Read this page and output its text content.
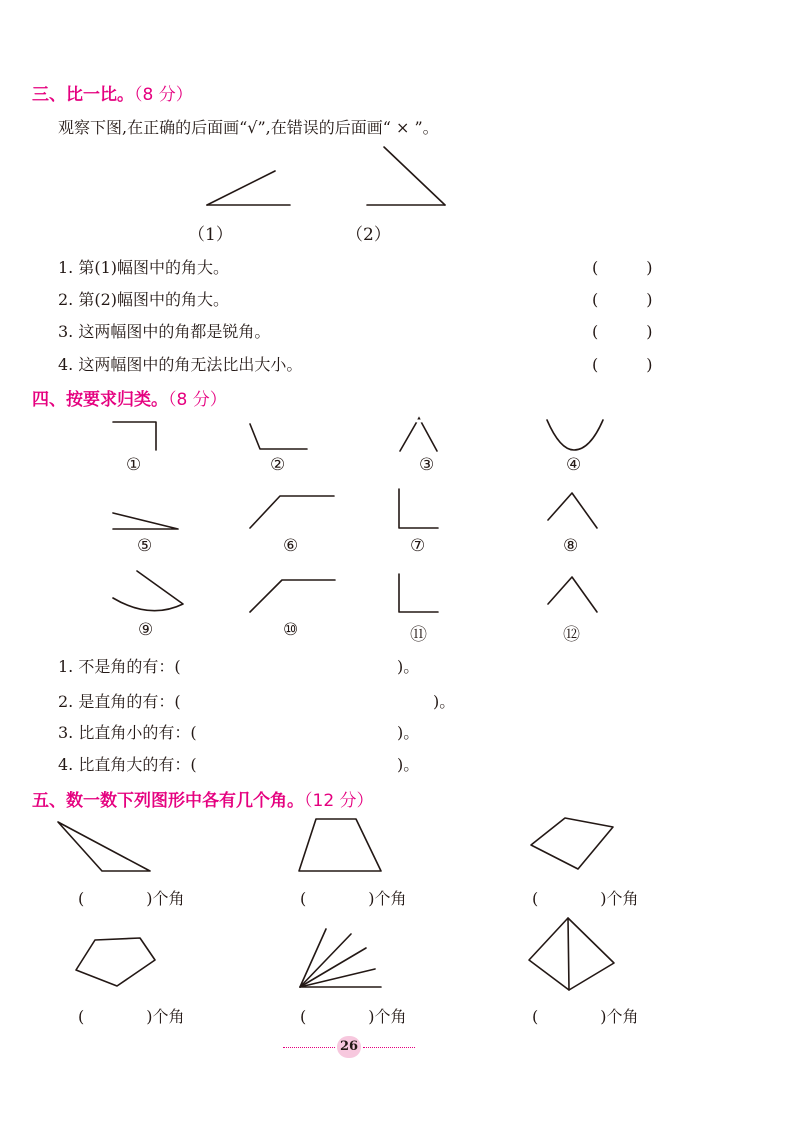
三、比一比。（8 分）
观察下图,在正确的后面画“√”,在错误的后面画“ × ”。
（1）	（2）
1. 第(1)幅图中的角大。	(　　　)
2. 第(2)幅图中的角大。	(　　　)
3. 这两幅图中的角都是锐角。	(　　　)
4. 这两幅图中的角无法比出大小。	(　　　)
四、按要求归类。（8 分）
①	②	③	④
⑤	⑥	⑦	⑧
⑨	⑩	⑪	⑫
1. 不是角的有：(	)。
2. 是直角的有：(	)。
3. 比直角小的有：(	)。
4. 比直角大的有：(	)。
五、数一数下列图形中各有几个角。（12 分）
(	)个角	(	)个角	(	)个角
(	)个角	(	)个角	(	)个角
26
